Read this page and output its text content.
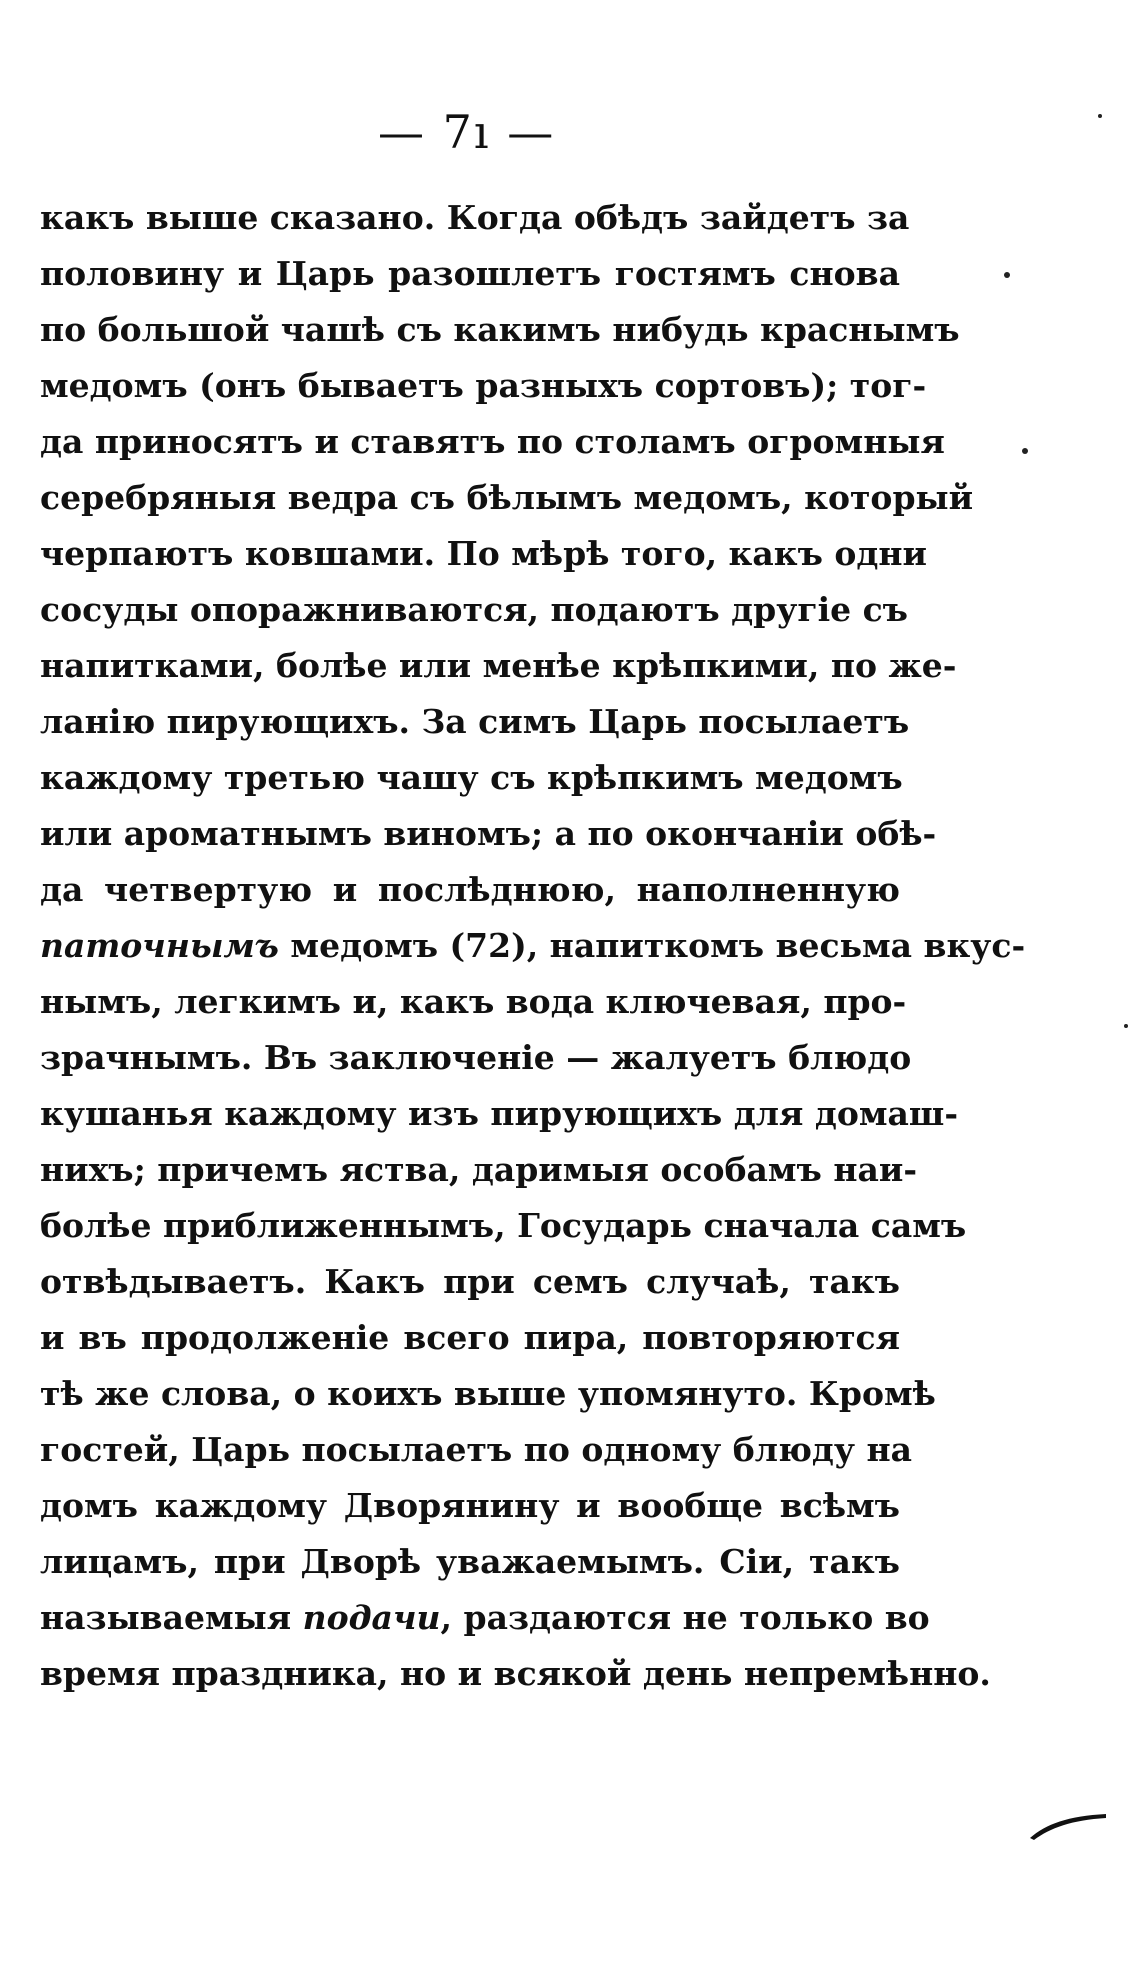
— 7ı —
какъ выше сказано. Когда обѣдъ зайдетъ за
половину и Царь разошлетъ гостямъ снова
по большой чашѣ съ какимъ нибудь краснымъ
медомъ (онъ бываетъ разныхъ сортовъ); тог-
да приносятъ и ставятъ по столамъ огромныя
серебряныя ведра съ бѣлымъ медомъ, который
черпаютъ ковшами. По мѣрѣ того, какъ одни
сосуды опоражниваются, подаютъ другіе съ
напитками, болѣе или менѣе крѣпкими, по же-
ланію пирующихъ. За симъ Царь посылаетъ
каждому третью чашу съ крѣпкимъ медомъ
или ароматнымъ виномъ; а по окончаніи обѣ-
да четвертую и послѣднюю, наполненную
паточнымъ медомъ (72), напиткомъ весьма вкус-
нымъ, легкимъ и, какъ вода ключевая, про-
зрачнымъ. Въ заключеніе — жалуетъ блюдо
кушанья каждому изъ пирующихъ для домаш-
нихъ; причемъ яства, даримыя особамъ наи-
болѣе приближеннымъ, Государь сначала самъ
отвѣдываетъ. Какъ при семъ случаѣ, такъ
и въ продолженіе всего пира, повторяются
тѣ же слова, о коихъ выше упомянуто. Кромѣ
гостей, Царь посылаетъ по одному блюду на
домъ каждому Дворянину и вообще всѣмъ
лицамъ, при Дворѣ уважаемымъ. Сіи, такъ
называемыя подачи, раздаются не только во
время праздника, но и всякой день непремѣнно.
